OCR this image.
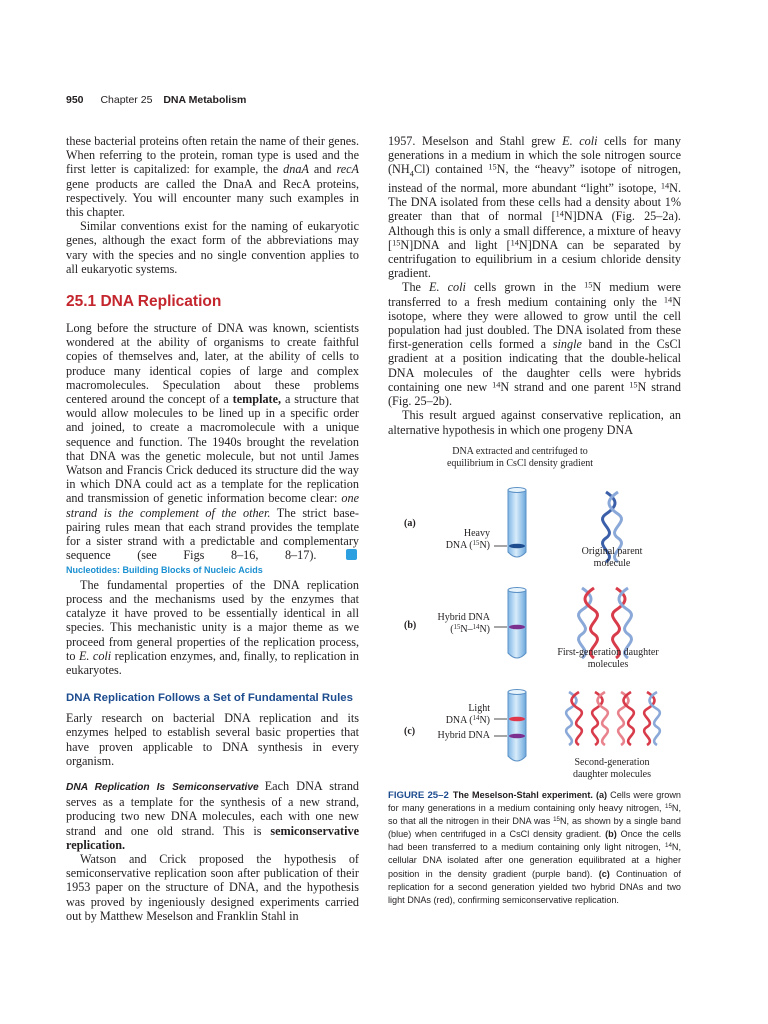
950 Chapter 25 DNA Metabolism

these bacterial proteins often retain the name of their genes. When referring to the protein, roman type is used and the first letter is capitalized: for example, the dnaA and recA gene products are called the DnaA and RecA proteins, respectively. You will encounter many such examples in this chapter.

Similar conventions exist for the naming of eukaryotic genes, although the exact form of the abbreviations may vary with the species and no single convention applies to all eukaryotic systems.

25.1 DNA Replication

Long before the structure of DNA was known, scientists wondered at the ability of organisms to create faithful copies of themselves and, later, at the ability of cells to produce many identical copies of large and complex macromolecules. Speculation about these problems centered around the concept of a template, a structure that would allow molecules to be lined up in a specific order and joined, to create a macromolecule with a unique sequence and function. The 1940s brought the revelation that DNA was the genetic molecule, but not until James Watson and Francis Crick deduced its structure did the way in which DNA could act as a template for the replication and transmission of genetic information become clear: one strand is the complement of the other. The strict base-pairing rules mean that each strand provides the template for a sister strand with a predictable and complementary sequence (see Figs 8–16, 8–17). Nucleotides: Building Blocks of Nucleic Acids

The fundamental properties of the DNA replication process and the mechanisms used by the enzymes that catalyze it have proved to be essentially identical in all species. This mechanistic unity is a major theme as we proceed from general properties of the replication process, to E. coli replication enzymes, and, finally, to replication in eukaryotes.

DNA Replication Follows a Set of Fundamental Rules

Early research on bacterial DNA replication and its enzymes helped to establish several basic properties that have proven applicable to DNA synthesis in every organism.

DNA Replication Is Semiconservative Each DNA strand serves as a template for the synthesis of a new strand, producing two new DNA molecules, each with one new strand and one old strand. This is semiconservative replication.

Watson and Crick proposed the hypothesis of semiconservative replication soon after publication of their 1953 paper on the structure of DNA, and the hypothesis was proved by ingeniously designed experiments carried out by Matthew Meselson and Franklin Stahl in

1957. Meselson and Stahl grew E. coli cells for many generations in a medium in which the sole nitrogen source $(NH_4Cl)$ contained $^{15}$N, the “heavy” isotope of nitrogen, instead of the normal, more abundant “light” isotope, $^{14}$N. The DNA isolated from these cells had a density about 1% greater than that of normal [$^{14}$N]DNA (Fig. 25–2a). Although this is only a small difference, a mixture of heavy [$^{15}$N]DNA and light [$^{14}$N]DNA can be separated by centrifugation to equilibrium in a cesium chloride density gradient.

The E. coli cells grown in the $^{15}$N medium were transferred to a fresh medium containing only the $^{14}$N isotope, where they were allowed to grow until the cell population had just doubled. The DNA isolated from these first-generation cells formed a single band in the CsCl gradient at a position indicating that the double-helical DNA molecules of the daughter cells were hybrids containing one new $^{14}$N strand and one parent $^{15}$N strand (Fig. 25–2b).

This result argued against conservative replication, an alternative hypothesis in which one progeny DNA

DNA extracted and centrifuged to equilibrium in CsCl density gradient
(a)
(b)
(c)
Heavy
DNA ($^{15}$N)
Hybrid DNA
($^{15}$N–$^{14}$N)
Light
DNA ($^{14}$N)
Hybrid DNA
Original parent molecule
First-generation daughter molecules
Second-generation daughter molecules
FIGURE 25–2 The Meselson-Stahl experiment. (a) Cells were grown for many generations in a medium containing only heavy nitrogen, $^{15}$N, so that all the nitrogen in their DNA was $^{15}$N, as shown by a single band (blue) when centrifuged in a CsCl density gradient. (b) Once the cells had been transferred to a medium containing only light nitrogen, $^{14}$N, cellular DNA isolated after one generation equilibrated at a higher position in the density gradient (purple band). (c) Continuation of replication for a second generation yielded two hybrid DNAs and two light DNAs (red), confirming semiconservative replication.
